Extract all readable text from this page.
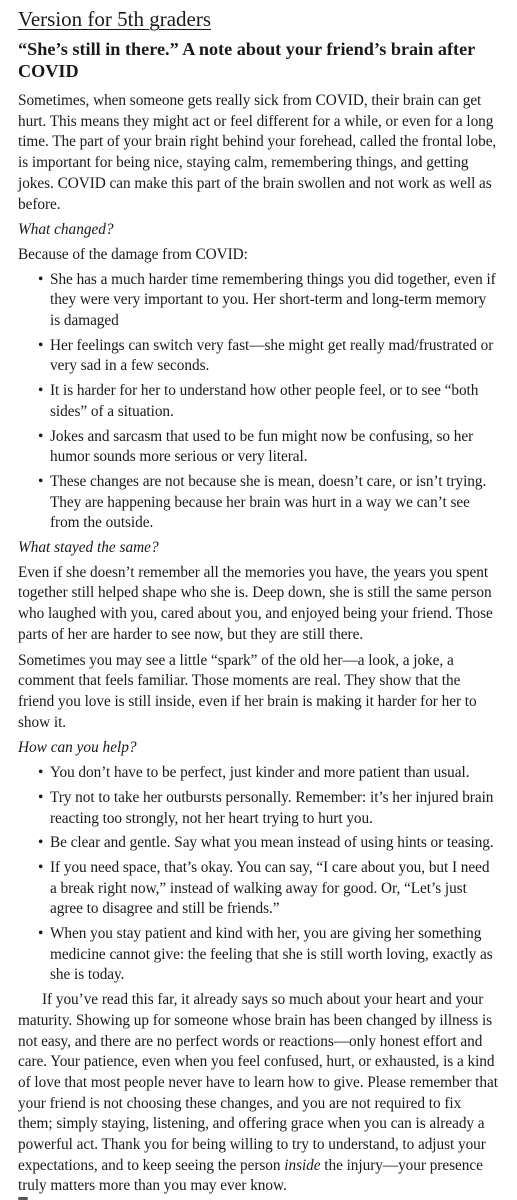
Version for 5th graders
“She’s still in there.” A note about your friend’s brain after COVID

Sometimes, when someone gets really sick from COVID, their brain can get hurt. This means they might act or feel different for a while, or even for a long time. The part of your brain right behind your forehead, called the frontal lobe, is important for being nice, staying calm, remembering things, and getting jokes. COVID can make this part of the brain swollen and not work as well as before.

What changed?

Because of the damage from COVID:

• She has a much harder time remembering things you did together, even if they were very important to you. Her short-term and long-term memory is damaged
• Her feelings can switch very fast—she might get really mad/frustrated or very sad in a few seconds.
• It is harder for her to understand how other people feel, or to see “both sides” of a situation.
• Jokes and sarcasm that used to be fun might now be confusing, so her humor sounds more serious or very literal.
• These changes are not because she is mean, doesn’t care, or isn’t trying. They are happening because her brain was hurt in a way we can’t see from the outside.
What stayed the same?

Even if she doesn’t remember all the memories you have, the years you spent together still helped shape who she is. Deep down, she is still the same person who laughed with you, cared about you, and enjoyed being your friend. Those parts of her are harder to see now, but they are still there.

Sometimes you may see a little “spark” of the old her—a look, a joke, a comment that feels familiar. Those moments are real. They show that the friend you love is still inside, even if her brain is making it harder for her to show it.

How can you help?
• You don’t have to be perfect, just kinder and more patient than usual.
• Try not to take her outbursts personally. Remember: it’s her injured brain reacting too strongly, not her heart trying to hurt you.
• Be clear and gentle. Say what you mean instead of using hints or teasing.
• If you need space, that’s okay. You can say, “I care about you, but I need a break right now,” instead of walking away for good. Or, “Let’s just agree to disagree and still be friends.”
• When you stay patient and kind with her, you are giving her something medicine cannot give: the feeling that she is still worth loving, exactly as she is today.

If you’ve read this far, it already says so much about your heart and your maturity. Showing up for someone whose brain has been changed by illness is not easy, and there are no perfect words or reactions—only honest effort and care. Your patience, even when you feel confused, hurt, or exhausted, is a kind of love that most people never have to learn how to give. Please remember that your friend is not choosing these changes, and you are not required to fix them; simply staying, listening, and offering grace when you can is already a powerful act. Thank you for being willing to try to understand, to adjust your expectations, and to keep seeing the person inside the injury—your presence truly matters more than you may ever know.
